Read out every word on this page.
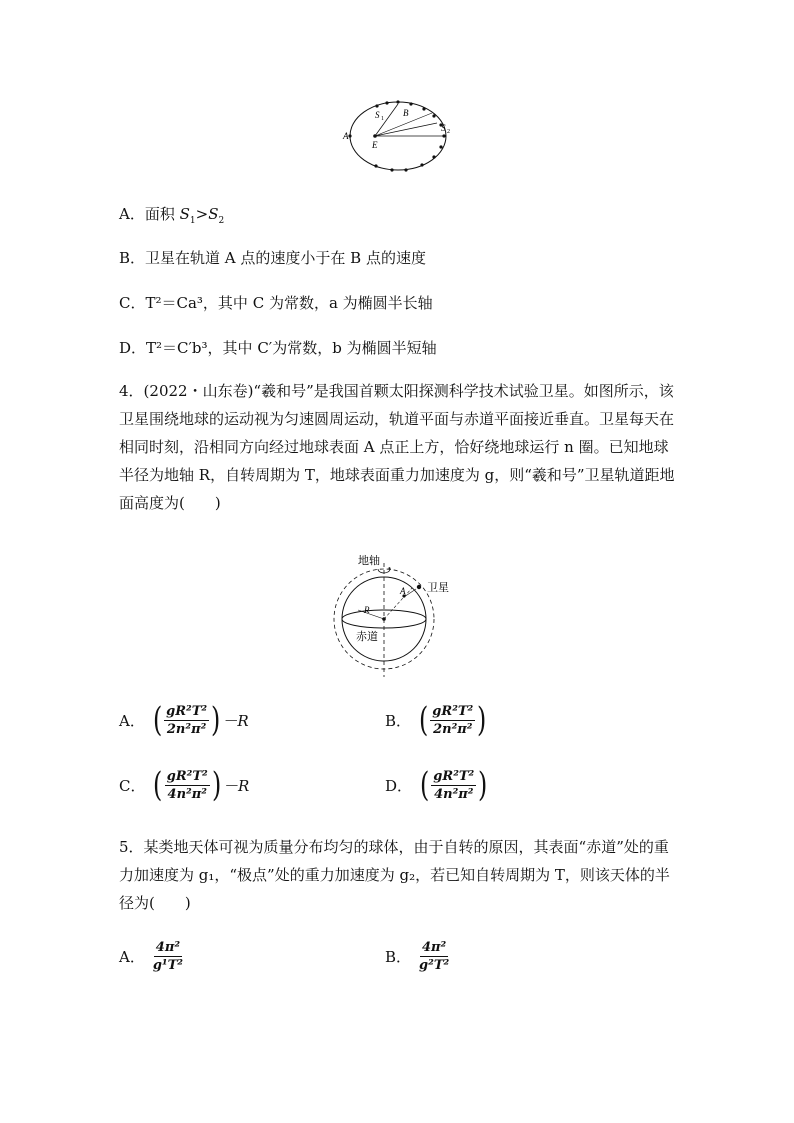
A
E
B
S 1
S 2
A．面积 $S_1>S_2$
B．卫星在轨道 A 点的速度小于在 B 点的速度
C．T²＝Ca³，其中 C 为常数，a 为椭圆半长轴
D．T²＝C′b³，其中 C′为常数，b 为椭圆半短轴
4．(2022・山东卷)“羲和号”是我国首颗太阳探测科学技术试验卫星。如图所示，该卫星围绕地球的运动视为匀速圆周运动，轨道平面与赤道平面接近垂直。卫星每天在相同时刻，沿相同方向经过地球表面 A 点正上方，恰好绕地球运行 n 圈。已知地球半径为地轴 R，自转周期为 T，地球表面重力加速度为 g，则“羲和号”卫星轨道距地面高度为(　　)
地轴
卫星
赤道
A
R
A． ( $\frac{\text{gR²T²}}{\text{2n²π²}}$ ) －R	B． ( $\frac{\text{gR²T²}}{\text{2n²π²}}$ )
C． ( $\frac{\text{gR²T²}}{\text{4n²π²}}$ ) －R	D． ( $\frac{\text{gR²T²}}{\text{4n²π²}}$ )
5．某类地天体可视为质量分布均匀的球体，由于自转的原因，其表面“赤道”处的重力加速度为 g₁，“极点”处的重力加速度为 g₂，若已知自转周期为 T，则该天体的半径为(　　)
A． $\frac{\text{4π²}}{\text{g¹T²}}$	B． $\frac{\text{4π²}}{\text{g²T²}}$
